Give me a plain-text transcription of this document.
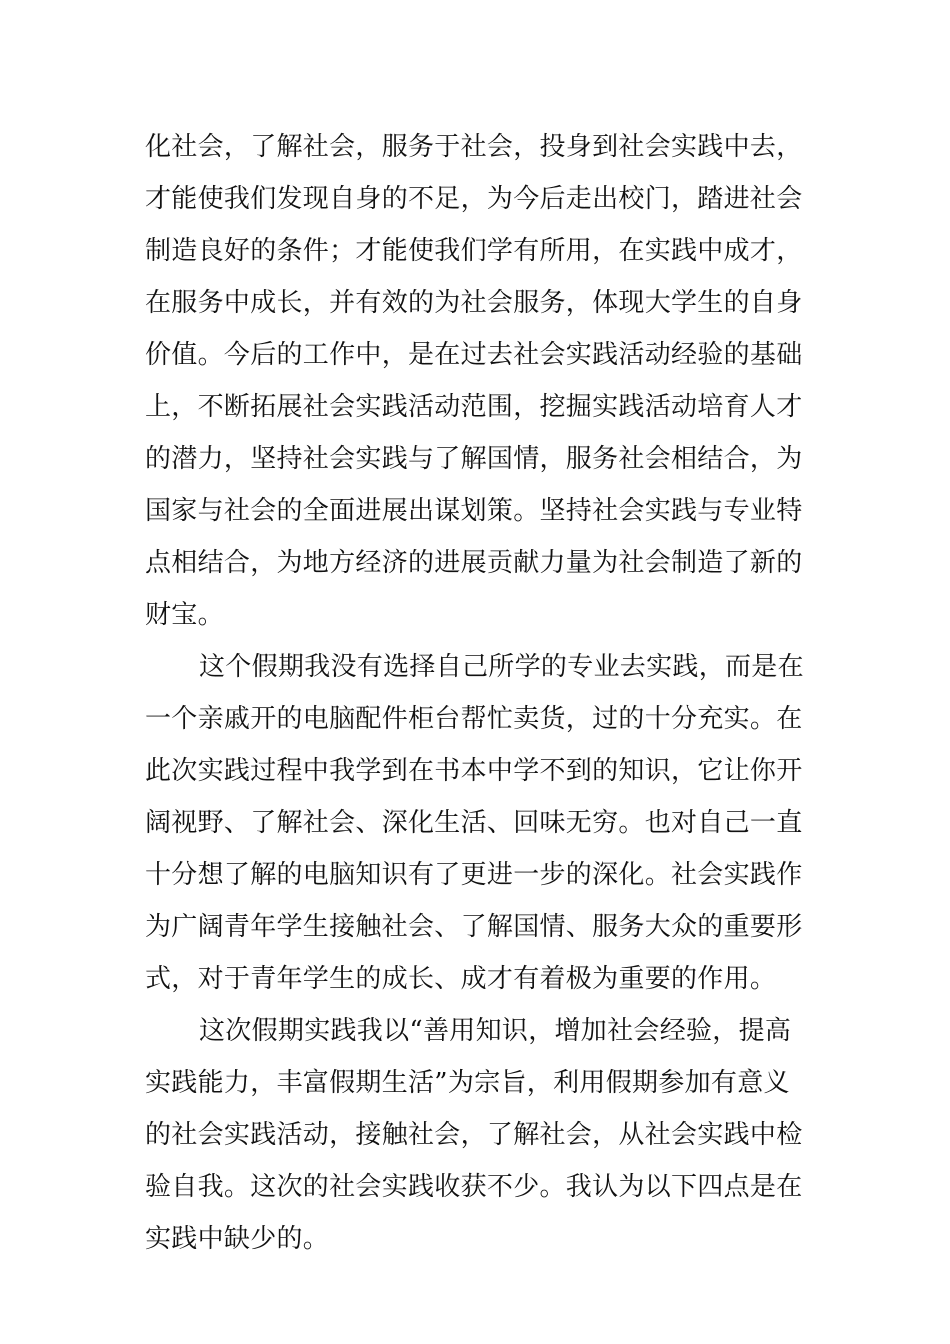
化社会，了解社会，服务于社会，投身到社会实践中去，
才能使我们发现自身的不足，为今后走出校门，踏进社会
制造良好的条件；才能使我们学有所用，在实践中成才，
在服务中成长，并有效的为社会服务，体现大学生的自身
价值。今后的工作中，是在过去社会实践活动经验的基础
上，不断拓展社会实践活动范围，挖掘实践活动培育人才
的潜力，坚持社会实践与了解国情，服务社会相结合，为
国家与社会的全面进展出谋划策。坚持社会实践与专业特
点相结合，为地方经济的进展贡献力量为社会制造了新的
财宝。
这个假期我没有选择自己所学的专业去实践，而是在
一个亲戚开的电脑配件柜台帮忙卖货，过的十分充实。在
此次实践过程中我学到在书本中学不到的知识，它让你开
阔视野、了解社会、深化生活、回味无穷。也对自己一直
十分想了解的电脑知识有了更进一步的深化。社会实践作
为广阔青年学生接触社会、了解国情、服务大众的重要形
式，对于青年学生的成长、成才有着极为重要的作用。
这次假期实践我以“善用知识，增加社会经验，提高
实践能力，丰富假期生活”为宗旨，利用假期参加有意义
的社会实践活动，接触社会，了解社会，从社会实践中检
验自我。这次的社会实践收获不少。我认为以下四点是在
实践中缺少的。
